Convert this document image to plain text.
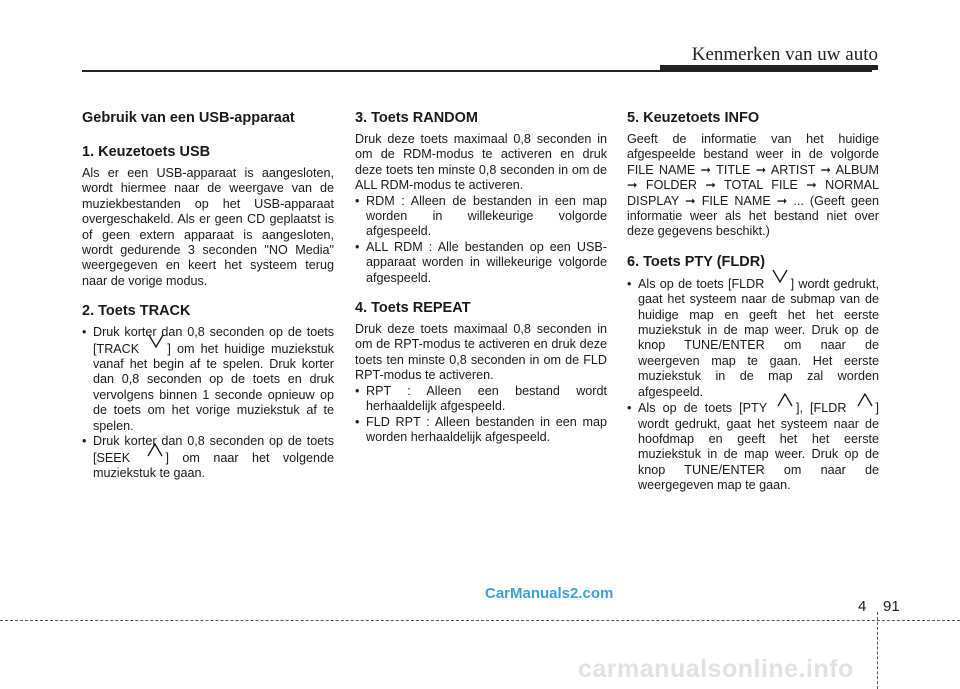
Kenmerken van uw auto
Gebruik van een USB-apparaat
1. Keuzetoets USB

Als er een USB-apparaat is aangesloten, wordt hiermee naar de weergave van de muziekbestanden op het USB-apparaat overgeschakeld. Als er geen CD geplaatst is of geen extern apparaat is aangesloten, wordt gedurende 3 seconden "NO Media" weergegeven en keert het systeem terug naar de vorige modus.

2. Toets TRACK
• Druk korter dan 0,8 seconden op de toets [TRACK
] om het huidige muziekstuk vanaf het begin af te spelen. Druk korter dan 0,8 seconden op de toets en druk vervolgens binnen 1 seconde opnieuw op de toets om het vorige muziekstuk af te spelen.
• Druk korter dan 0,8 seconden op de toets [SEEK
] om naar het volgende muziekstuk te gaan.
3. Toets RANDOM

Druk deze toets maximaal 0,8 seconden in om de RDM-modus te activeren en druk deze toets ten minste 0,8 seconden in om de ALL RDM-modus te activeren.

• RDM : Alleen de bestanden in een map worden in willekeurige volgorde afgespeeld.
• ALL RDM : Alle bestanden op een USB-apparaat worden in willekeurige volgorde afgespeeld.
4. Toets REPEAT

Druk deze toets maximaal 0,8 seconden in om de RPT-modus te activeren en druk deze toets ten minste 0,8 seconden in om de FLD RPT-modus te activeren.

• RPT : Alleen een bestand wordt herhaaldelijk afgespeeld.
• FLD RPT : Alleen bestanden in een map worden herhaaldelijk afgespeeld.
5. Keuzetoets INFO

Geeft de informatie van het huidige afgespeelde bestand weer in de volgorde FILE NAME ➞ TITLE ➞ ARTIST ➞ ALBUM ➞ FOLDER ➞ TOTAL FILE ➞ NORMAL DISPLAY ➞ FILE NAME ➞ ... (Geeft geen informatie weer als het bestand niet over deze gegevens beschikt.)

6. Toets PTY (FLDR)
• Als op de toets [FLDR
] wordt gedrukt, gaat het systeem naar de submap van de huidige map en geeft het het eerste muziekstuk in de map weer. Druk op de knop TUNE/ENTER om naar de weergeven map te gaan. Het eerste muziekstuk in de map zal worden afgespeeld.
• Als op de toets [PTY
], [FLDR
] wordt gedrukt, gaat het systeem naar de hoofdmap en geeft het het eerste muziekstuk in de map weer. Druk op de knop TUNE/ENTER om naar de weergegeven map te gaan.
CarManuals2.com
4 91
carmanualsonline.info
